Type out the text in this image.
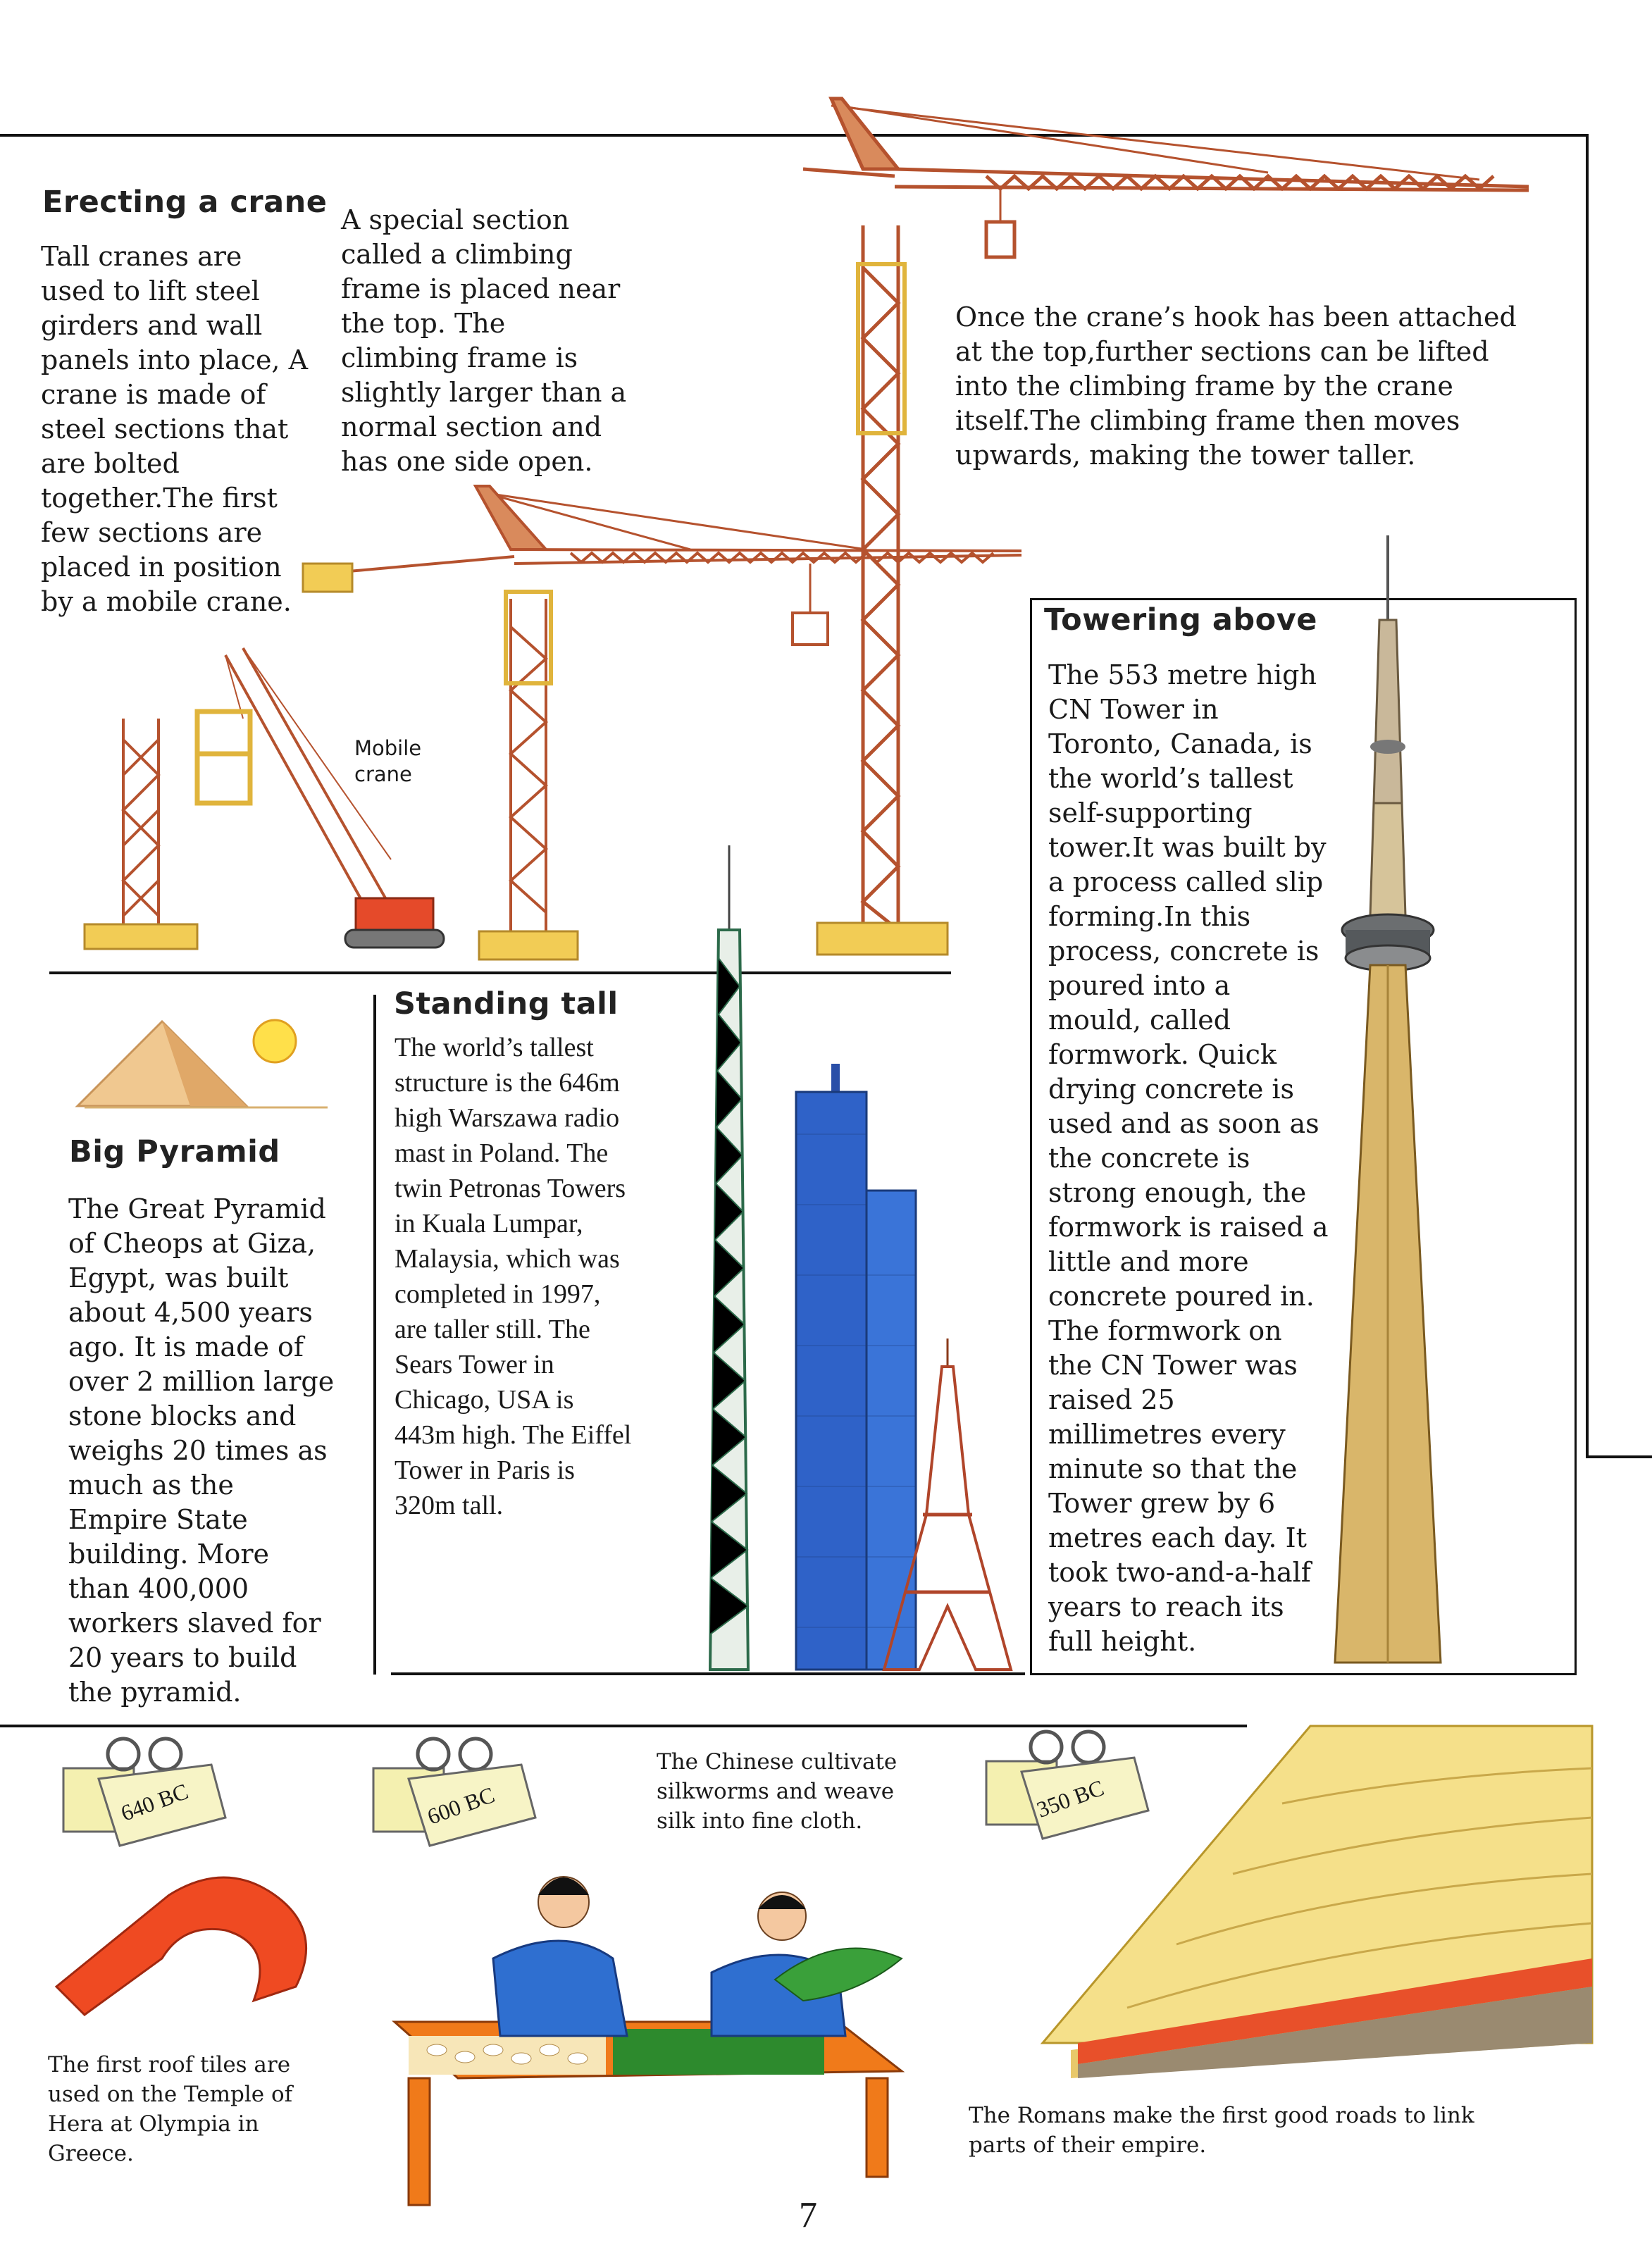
Erecting a crane
Tall cranes are used to lift steel girders and wall panels into place, A crane is made of steel sections that are bolted together.The first few sections are placed in position by a mobile crane.
A special section called a climbing frame is placed near the top. The climbing frame is slightly larger than a normal section and has one side open.
Once the crane’s hook has been attached at the top,further sections can be lifted into the climbing frame by the crane itself.The climbing frame then moves upwards, making the tower taller.
Mobile
crane
Big Pyramid
The Great Pyramid of Cheops at Giza, Egypt, was built about 4,500 years ago. It is made of over 2 million large stone blocks and weighs 20 times as much as the Empire State building. More than 400,000 workers slaved for 20 years to build the pyramid.
Standing tall
The world’s tallest structure is the 646m high Warszawa radio mast in Poland. The twin Petronas Towers in Kuala Lumpar, Malaysia, which was completed in 1997, are taller still. The Sears Tower in Chicago, USA is 443m high. The Eiffel Tower in Paris is 320m tall.
Towering above
The 553 metre high CN Tower in Toronto, Canada, is the world’s tallest self-supporting tower.It was built by a process called slip forming.In this process, concrete is poured into a mould, called formwork. Quick drying concrete is used and as soon as the concrete is strong enough, the formwork is raised a little and more concrete poured in. The formwork on the CN Tower was raised 25 millimetres every minute so that the Tower grew by 6 metres each day. It took two-and-a-half years to reach its full height.
The first roof tiles are used on the Temple of Hera at Olympia in Greece.
The Chinese cultivate silkworms and weave silk into fine cloth.
The Romans make the first good roads to link parts of their empire.
7
640 BC	600 BC	350 BC
